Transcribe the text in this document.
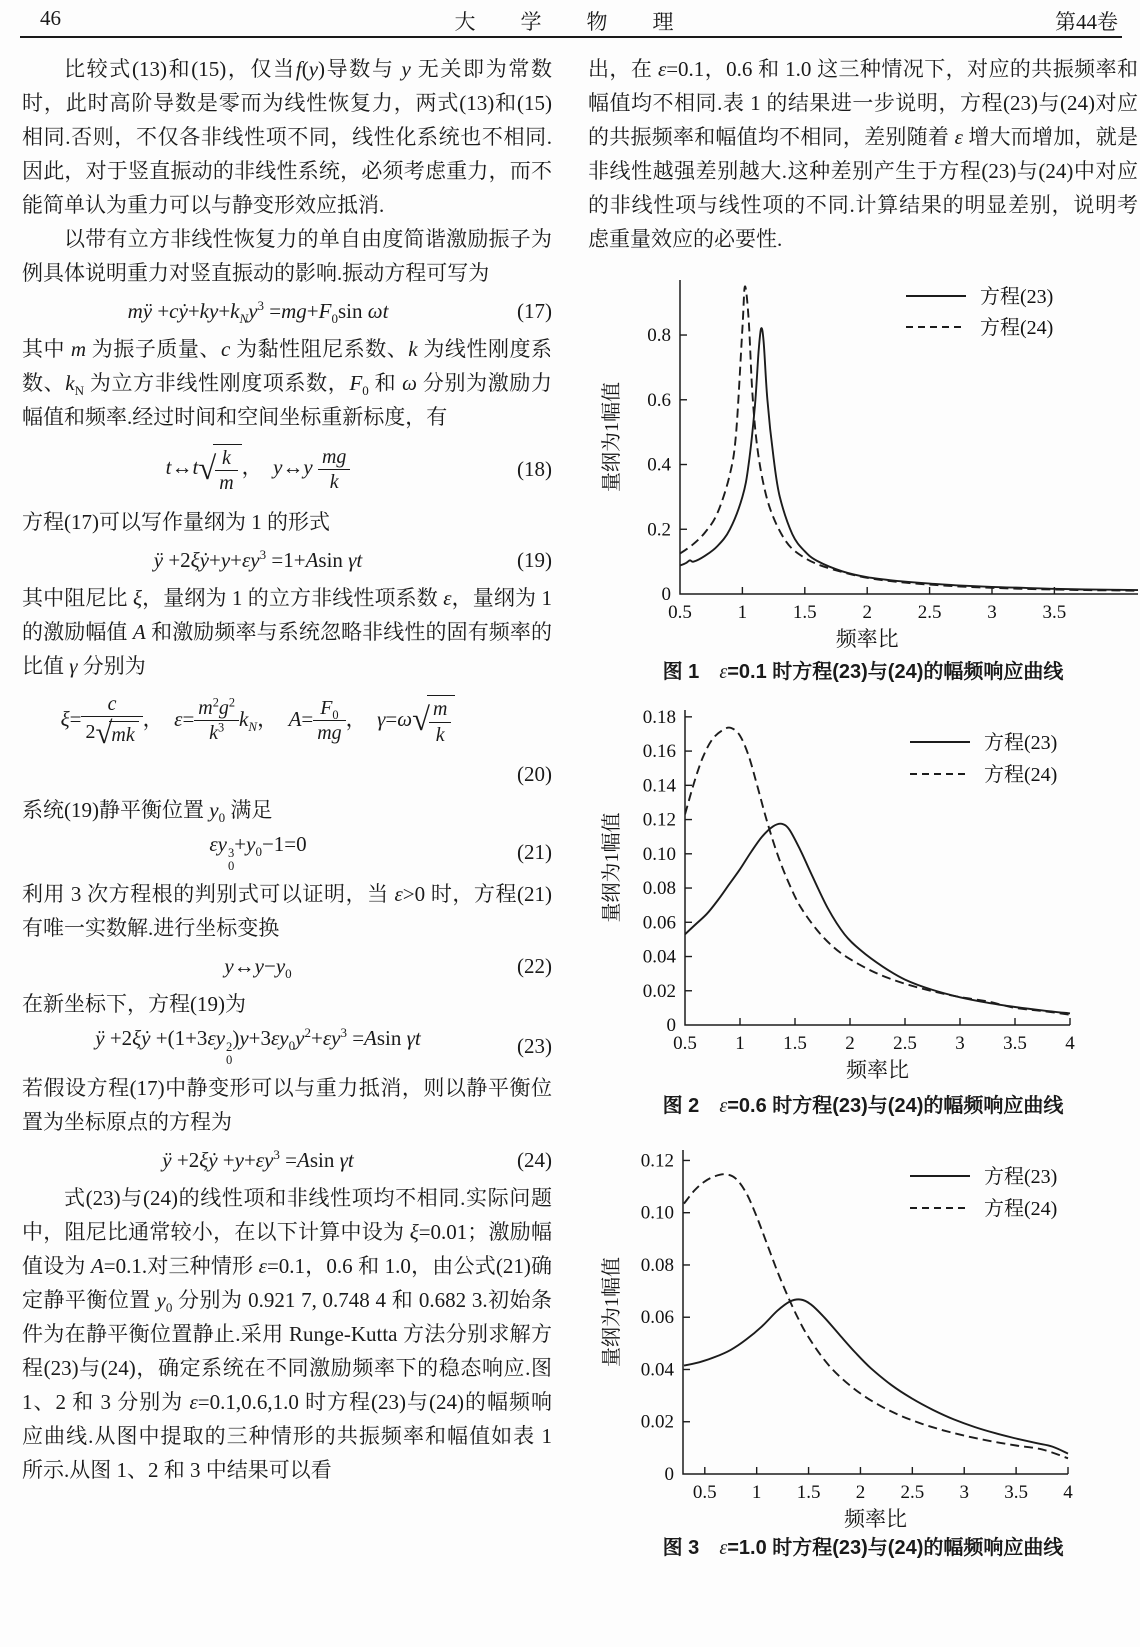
46	大　学　物　理	第44卷

比较式(13)和(15)，仅当f(y)导数与 y 无关即为常数时，此时高阶导数是零而为线性恢复力，两式(13)和(15)相同.否则，不仅各非线性项不同，线性化系统也不相同.因此，对于竖直振动的非线性系统，必须考虑重力，而不能简单认为重力可以与静变形效应抵消.

以带有立方非线性恢复力的单自由度简谐激励振子为例具体说明重力对竖直振动的影响.振动方程可写为

mÿ $+cẏ+ky+k_Ny^3 =mg+F_0\sin$ ωt	(17)

其中 m 为振子质量、c 为黏性阻尼系数、k 为线性刚度系数、$k_N$ 为立方非线性刚度项系数，$F_0$ 和 ω 分别为激励力幅值和频率.经过时间和空间坐标重新标度，有

t↔t√ $\frac{k}{m}$ ，  y↔y $\frac{mg}{k}$	(18)

方程(17)可以写作量纲为 1 的形式

ÿ $+2\xi ẏ+y+\varepsilon y^3 =1+Asin$ γt	(19)

其中阻尼比 ξ，量纲为 1 的立方非线性项系数 ε，量纲为 1 的激励幅值 A 和激励频率与系统忽略非线性的固有频率的比值 γ 分别为

$\xi= \frac{c}{2√mk}$ ，  $\varepsilon= \frac{m^2g^2}{k^3} k_N$，  $A= \frac{F_0}{mg}$ ，  $\gamma=\omega√ \frac{m}{k}$
(20)

系统(19)静平衡位置 $y_0$ 满足

εy 3
0
$+y_0-1=0$	(21)

利用 3 次方程根的判别式可以证明，当 ε>0 时，方程(21)有唯一实数解.进行坐标变换

$y\leftrightarrow y-y_0$	(22)

在新坐标下，方程(19)为

ÿ +2ξẏ +(1+3εy 2
0
)$y+3\varepsilon y_0y^2+\varepsilon y^3 =Asin$ γt	(23)

若假设方程(17)中静变形可以与重力抵消，则以静平衡位置为坐标原点的方程为

ÿ +2ξẏ $+y+\varepsilon y^3 =Asin$ γt	(24)

式(23)与(24)的线性项和非线性项均不相同.实际问题中，阻尼比通常较小，在以下计算中设为 ξ=0.01；激励幅值设为 A=0.1.对三种情形 ε=0.1，0.6 和 1.0，由公式(21)确定静平衡位置 $y_0$ 分别为 0.921 7, 0.748 4 和 0.682 3.初始条件为在静平衡位置静止.采用 Runge-Kutta 方法分别求解方程(23)与(24)，确定系统在不同激励频率下的稳态响应.图 1、2 和 3 分别为 ε=0.1,0.6,1.0 时方程(23)与(24)的幅频响应曲线.从图中提取的三种情形的共振频率和幅值如表 1 所示.从图 1、2 和 3 中结果可以看

出，在 ε=0.1，0.6 和 1.0 这三种情况下，对应的共振频率和幅值均不相同.表 1 的结果进一步说明，方程(23)与(24)对应的共振频率和幅值均不相同，差别随着 ε 增大而增加，就是非线性越强差别越大.这种差别产生于方程(23)与(24)中对应的非线性项与线性项的不同.计算结果的明显差别，说明考虑重量效应的必要性.

0
0.2
0.4
0.6
0.8
0.5 1 1.5 2 2.5 3 3.5
频率比
量纲为1幅值
方程(23)
方程(24)
图 1　ε=0.1 时方程(23)与(24)的幅频响应曲线
0
0.02
0.04
0.06
0.08
0.10
0.12
0.14
0.16
0.18
0.5 1 1.5 2 2.5 3 3.5 4
频率比
量纲为1幅值
方程(23)
方程(24)
图 2　ε=0.6 时方程(23)与(24)的幅频响应曲线
0
0.02
0.04
0.06
0.08
0.10
0.12
0.5 1 1.5 2 2.5 3 3.5 4
频率比
量纲为1幅值
方程(23)
方程(24)
图 3　ε=1.0 时方程(23)与(24)的幅频响应曲线
